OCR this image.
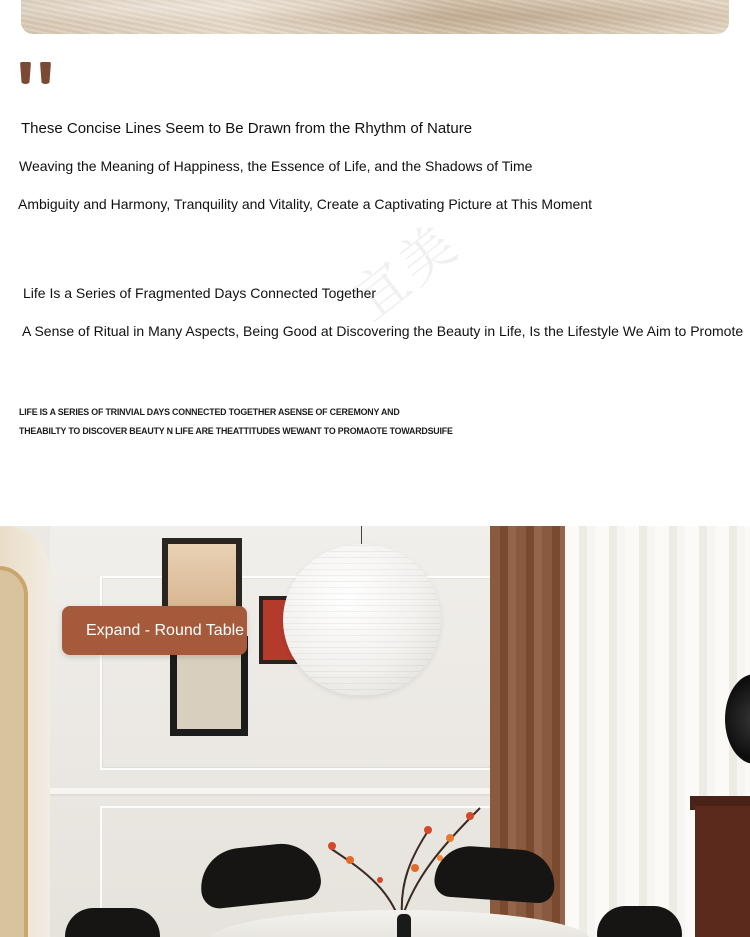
These Concise Lines Seem to Be Drawn from the Rhythm of Nature
Weaving the Meaning of Happiness, the Essence of Life, and the Shadows of Time
Ambiguity and Harmony, Tranquility and Vitality, Create a Captivating Picture at This Moment
宜美
Life Is a Series of Fragmented Days Connected Together
A Sense of Ritual in Many Aspects, Being Good at Discovering the Beauty in Life, Is the Lifestyle We Aim to Promote
LIFE IS A SERIES OF TRINVIAL DAYS CONNECTED TOGETHER ASENSE OF CEREMONY AND
THEABILTY TO DISCOVER BEAUTY N LIFE ARE THEATTITUDES WEWANT TO PROMAOTE TOWARDSUIFE
Expand - Round Table
